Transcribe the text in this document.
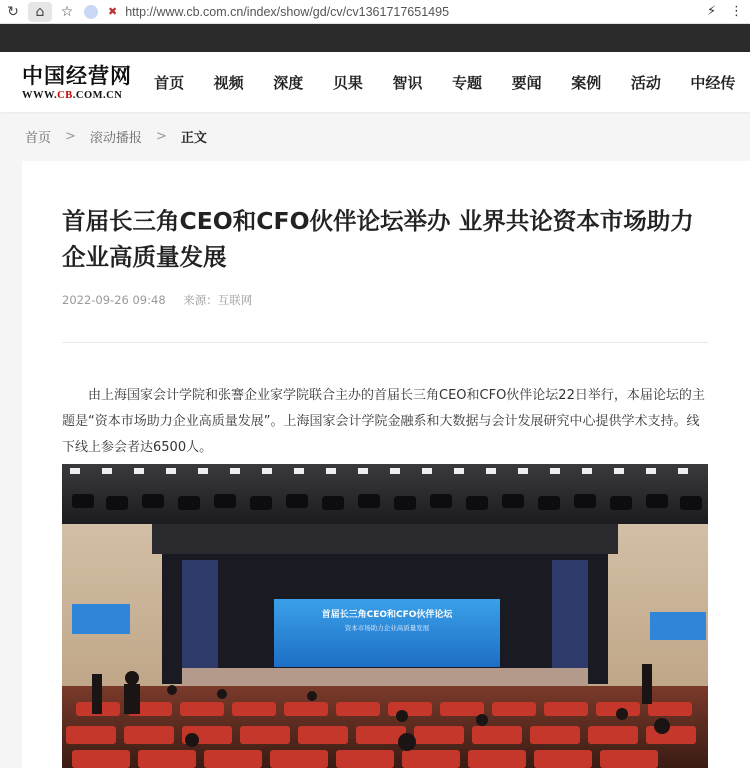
↻	⌂	☆	✖ http://www.cb.com.cn/index/show/gd/cv/cv1361717651495	⚡ ⋮
中国经营网
WWW.CB.COM.CN
首页	视频	深度	贝果	智识	专题	要闻	案例	活动	中经传
首页 > 滚动播报 > 正文
首届长三角CEO和CFO伙伴论坛举办 业界共论资本市场助力企业高质量发展
2022-09-26 09:48 来源：互联网

由上海国家会计学院和张謇企业家学院联合主办的首届长三角CEO和CFO伙伴论坛22日举行，本届论坛的主题是“资本市场助力企业高质量发展”。上海国家会计学院金融系和大数据与会计发展研究中心提供学术支持。线下线上参会者达6500人。

首届长三角CEO和CFO伙伴论坛
资本市场助力企业高质量发展
